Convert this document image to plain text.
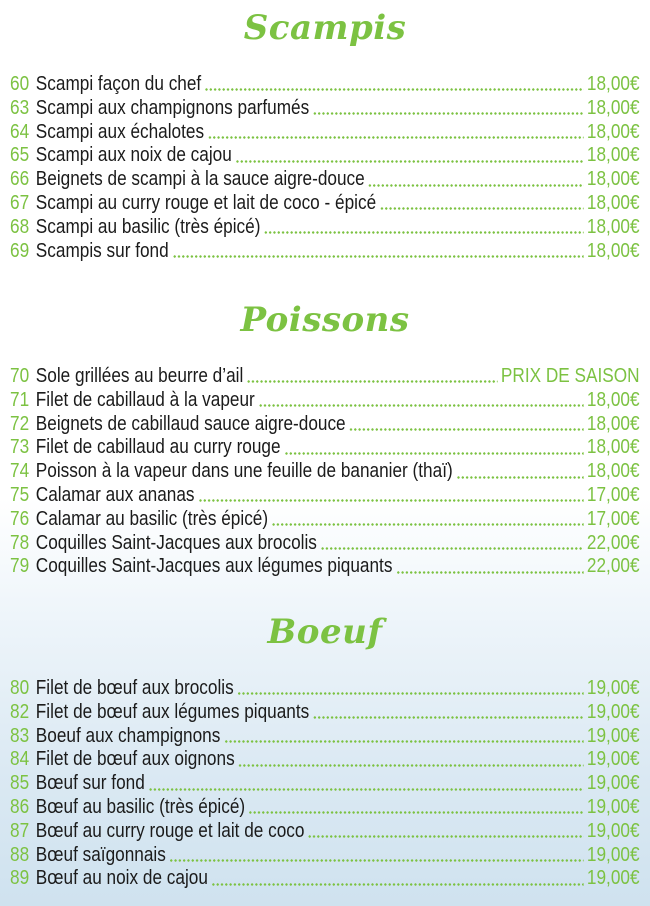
Scampis
60 Scampi façon du chef	18,00€
63 Scampi aux champignons parfumés	18,00€
64 Scampi aux échalotes	18,00€
65 Scampi aux noix de cajou	18,00€
66 Beignets de scampi à la sauce aigre-douce	18,00€
67 Scampi au curry rouge et lait de coco - épicé	18,00€
68 Scampi au basilic (très épicé)	18,00€
69 Scampis sur fond	18,00€
Poissons
70 Sole grillées au beurre d’ail	PRIX DE SAISON
71 Filet de cabillaud à la vapeur	18,00€
72 Beignets de cabillaud sauce aigre-douce	18,00€
73 Filet de cabillaud au curry rouge	18,00€
74 Poisson à la vapeur dans une feuille de bananier (thaï)	18,00€
75 Calamar aux ananas	17,00€
76 Calamar au basilic (très épicé)	17,00€
78 Coquilles Saint-Jacques aux brocolis	22,00€
79 Coquilles Saint-Jacques aux légumes piquants	22,00€
Boeuf
80 Filet de bœuf aux brocolis	19,00€
82 Filet de bœuf aux légumes piquants	19,00€
83 Boeuf aux champignons	19,00€
84 Filet de bœuf aux oignons	19,00€
85 Bœuf sur fond	19,00€
86 Bœuf au basilic (très épicé)	19,00€
87 Bœuf au curry rouge et lait de coco	19,00€
88 Bœuf saïgonnais	19,00€
89 Bœuf au noix de cajou	19,00€
